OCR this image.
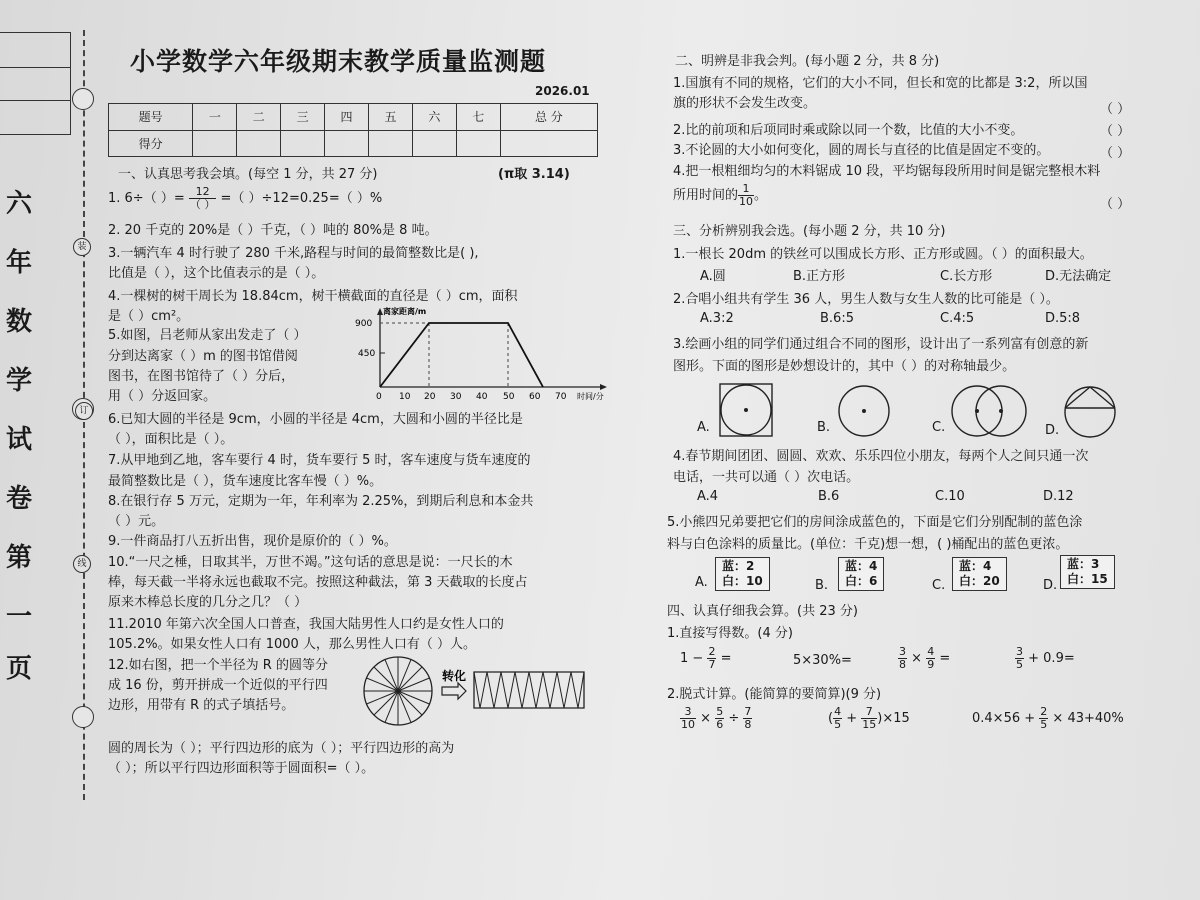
装
订
线
六
年
数
学
试
卷
第
一
页
小学数学六年级期末教学质量监测题
2026.01
题号	一	二	三	四	五	六	七	总 分
得分								
一、认真思考我会填。(每空 1 分，共 27 分)	(π取 3.14)
1. 6÷（ ）= $\frac{12}{( )}$ =（ ）÷12=0.25=（ ）%
2. 20 千克的 20%是（ ）千克，（ ）吨的 80%是 8 吨。
3.一辆汽车 4 时行驶了 280 千米,路程与时间的最简整数比是( ),
比值是（ ），这个比值表示的是（ ）。
4.一棵树的树干周长为 18.84cm，树干横截面的直径是（ ）cm，面积
是（ ）cm²。
5.如图，吕老师从家出发走了（ ）
分到达离家（ ）m 的图书馆借阅
图书，在图书馆待了（ ）分后，
用（ ）分返回家。
900
450
离家距离/m
0 10 20 30 40 50 60 70 时间/分
6.已知大圆的半径是 9cm，小圆的半径是 4cm，大圆和小圆的半径比是
（ ），面积比是（ ）。
7.从甲地到乙地，客车要行 4 时，货车要行 5 时，客车速度与货车速度的
最简整数比是（ ），货车速度比客车慢（ ）%。
8.在银行存 5 万元，定期为一年，年利率为 2.25%，到期后利息和本金共
（ ）元。
9.一件商品打八五折出售，现价是原价的（ ）%。
10.“一尺之棰，日取其半，万世不竭。”这句话的意思是说：一尺长的木
棒，每天截一半将永远也截取不完。按照这种截法，第 3 天截取的长度占
原来木棒总长度的几分之几？（ ）
11.2010 年第六次全国人口普查，我国大陆男性人口约是女性人口的
105.2%。如果女性人口有 1000 人，那么男性人口有（ ）人。
12.如右图，把一个半径为 R 的圆等分
成 16 份，剪开拼成一个近似的平行四
边形，用带有 R 的式子填括号。
转化
圆的周长为（ ）；平行四边形的底为（ ）；平行四边形的高为
（ ）；所以平行四边形面积等于圆面积=（ ）。
二、明辨是非我会判。(每小题 2 分，共 8 分)
1.国旗有不同的规格，它们的大小不同，但长和宽的比都是 3:2，所以国
旗的形状不会发生改变。	（ ）
2.比的前项和后项同时乘或除以同一个数，比值的大小不变。	（ ）
3.不论圆的大小如何变化，圆的周长与直径的比值是固定不变的。	（ ）
4.把一根粗细均匀的木料锯成 10 段，平均锯每段所用时间是锯完整根木料
所用时间的 $\frac{1}{10}$ 。
（ ）
三、分析辨别我会选。(每小题 2 分，共 10 分)
1.一根长 20dm 的铁丝可以围成长方形、正方形或圆。（ ）的面积最大。
A.圆	B.正方形	C.长方形	D.无法确定
2.合唱小组共有学生 36 人，男生人数与女生人数的比可能是（ ）。
A.3:2	B.6:5	C.4:5	D.5:8
3.绘画小组的同学们通过组合不同的图形，设计出了一系列富有创意的新
图形。下面的图形是妙想设计的，其中（ ）的对称轴最少。
A.	B.	C.	D.
4.春节期间团团、圆圆、欢欢、乐乐四位小朋友，每两个人之间只通一次
电话，一共可以通（ ）次电话。
A.4	B.6	C.10	D.12
5.小熊四兄弟要把它们的房间涂成蓝色的，下面是它们分别配制的蓝色涂
料与白色涂料的质量比。(单位：千克)想一想，( )桶配出的蓝色更浓。
A.
蓝：2
白：10	B.
蓝：4
白：6	C.
蓝：4
白：20	D.
蓝：3
白：15
四、认真仔细我会算。(共 23 分)
1.直接写得数。(4 分)
$1 - \frac{2}{7}$ =	5×30%=	$\frac{3}{8} \times \frac{4}{9}$ =	$\frac{3}{5} + 0.9=$
2.脱式计算。(能简算的要简算)(9 分)
$\frac{3}{10} \times \frac{5}{6} \div \frac{7}{8}$	( $\frac{4}{5} + \frac{7}{15} )\times 15$	$0.4\times 56 + \frac{2}{5} \times 43+40\%$
